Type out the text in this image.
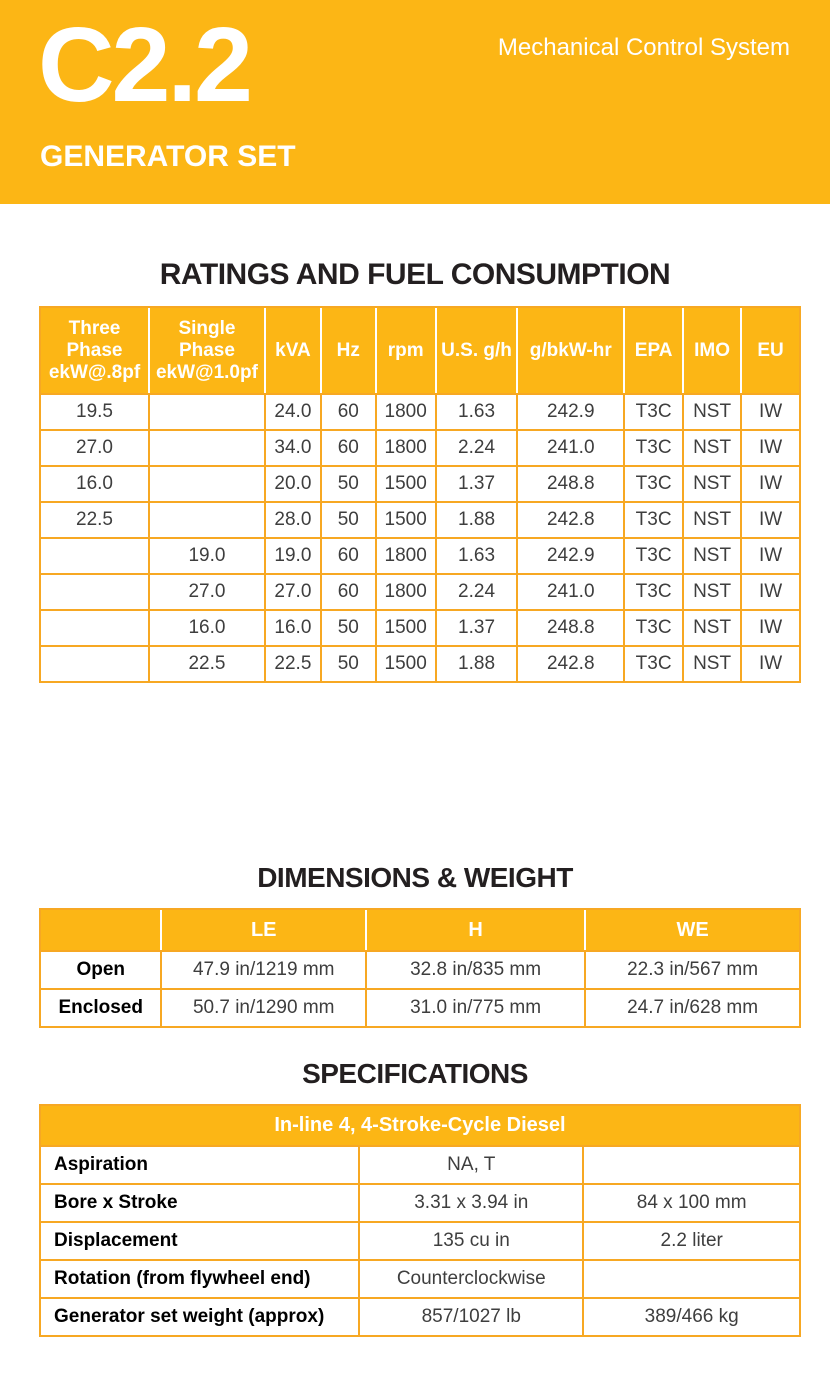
C2.2
GENERATOR SET
Mechanical Control System
RATINGS AND FUEL CONSUMPTION
Three Phase ekW@.8pf	Single Phase ekW@1.0pf	kVA	Hz	rpm	U.S. g/h	g/bkW-hr	EPA	IMO	EU
19.5		24.0	60	1800	1.63	242.9	T3C	NST	IW
27.0		34.0	60	1800	2.24	241.0	T3C	NST	IW
16.0		20.0	50	1500	1.37	248.8	T3C	NST	IW
22.5		28.0	50	1500	1.88	242.8	T3C	NST	IW
	19.0	19.0	60	1800	1.63	242.9	T3C	NST	IW
	27.0	27.0	60	1800	2.24	241.0	T3C	NST	IW
	16.0	16.0	50	1500	1.37	248.8	T3C	NST	IW
	22.5	22.5	50	1500	1.88	242.8	T3C	NST	IW
DIMENSIONS & WEIGHT
	LE	H	WE
Open	47.9 in/1219 mm	32.8 in/835 mm	22.3 in/567 mm
Enclosed	50.7 in/1290 mm	31.0 in/775 mm	24.7 in/628 mm
SPECIFICATIONS
In-line 4, 4-Stroke-Cycle Diesel		
Aspiration	NA, T	
Bore x Stroke	3.31 x 3.94 in	84 x 100 mm
Displacement	135 cu in	2.2 liter
Rotation (from flywheel end)	Counterclockwise	
Generator set weight (approx)	857/1027 lb	389/466 kg
